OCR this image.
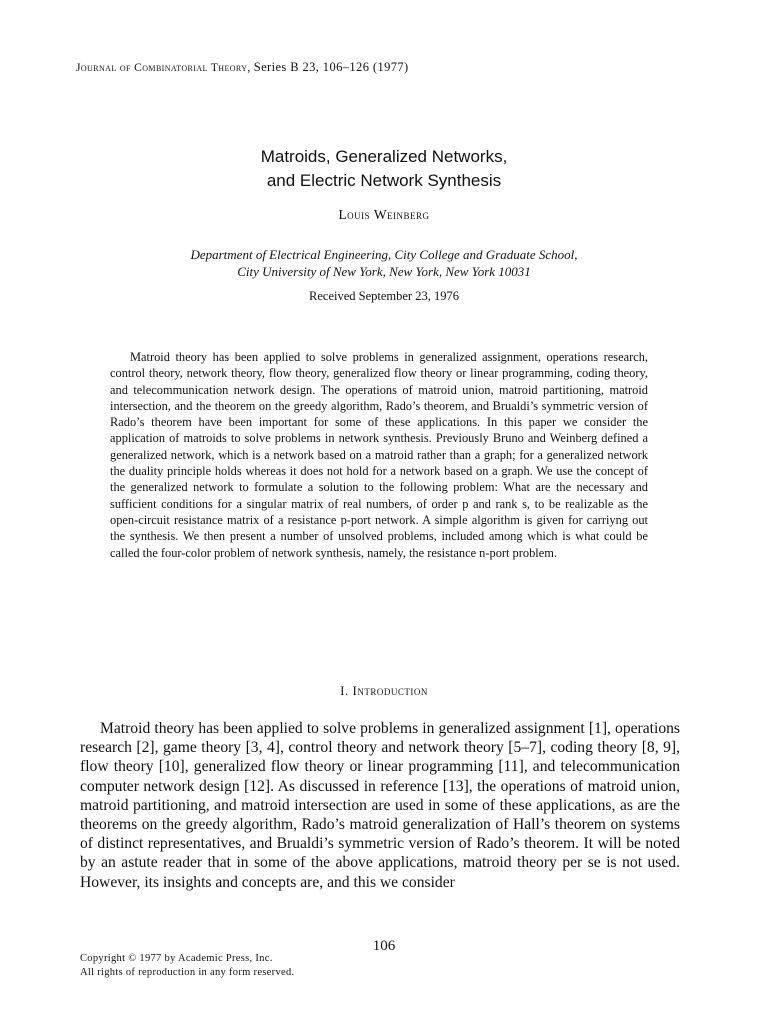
Journal of Combinatorial Theory, Series B 23, 106–126 (1977)
Matroids, Generalized Networks,
and Electric Network Synthesis
Louis Weinberg
Department of Electrical Engineering, City College and Graduate School,
City University of New York, New York, New York 10031
Received September 23, 1976

Matroid theory has been applied to solve problems in generalized assignment, operations research, control theory, network theory, flow theory, generalized flow theory or linear programming, coding theory, and telecommunication network design. The operations of matroid union, matroid partitioning, matroid intersection, and the theorem on the greedy algorithm, Rado’s theorem, and Brualdi’s symmetric version of Rado’s theorem have been important for some of these applications. In this paper we consider the application of matroids to solve problems in network synthesis. Previously Bruno and Weinberg defined a generalized network, which is a network based on a matroid rather than a graph; for a generalized network the duality principle holds whereas it does not hold for a network based on a graph. We use the concept of the generalized network to formulate a solution to the following problem: What are the necessary and sufficient conditions for a singular matrix of real numbers, of order p and rank s, to be realizable as the open-circuit resistance matrix of a resistance p-port network. A simple algorithm is given for carriyng out the synthesis. We then present a number of unsolved problems, included among which is what could be called the four-color problem of network synthesis, namely, the resistance n-port problem.

I. Introduction

Matroid theory has been applied to solve problems in generalized assignment [1], operations research [2], game theory [3, 4], control theory and network theory [5–7], coding theory [8, 9], flow theory [10], generalized flow theory or linear programming [11], and telecommunication computer network design [12]. As discussed in reference [13], the operations of matroid union, matroid partitioning, and matroid intersection are used in some of these applications, as are the theorems on the greedy algorithm, Rado’s matroid generalization of Hall’s theorem on systems of distinct representatives, and Brualdi’s symmetric version of Rado’s theorem. It will be noted by an astute reader that in some of the above applications, matroid theory per se is not used. However, its insights and concepts are, and this we consider

106
Copyright © 1977 by Academic Press, Inc.
All rights of reproduction in any form reserved.
